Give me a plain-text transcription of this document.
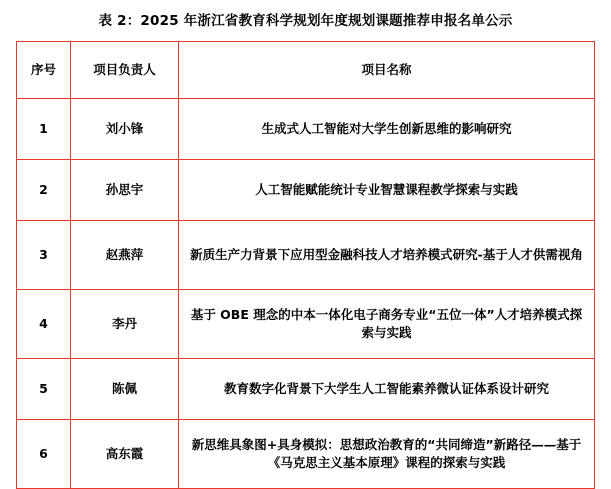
表 2：2025 年浙江省教育科学规划年度规划课题推荐申报名单公示
序号	项目负责人	项目名称
1	刘小锋	生成式人工智能对大学生创新思维的影响研究
2	孙思宇	人工智能赋能统计专业智慧课程教学探索与实践
3	赵燕萍	新质生产力背景下应用型金融科技人才培养模式研究-基于人才供需视角
4	李丹	基于 OBE 理念的中本一体化电子商务专业“五位一体”人才培养模式探索与实践
5	陈佩	教育数字化背景下大学生人工智能素养微认证体系设计研究
6	高东霞	新思维具象图+具身模拟：思想政治教育的“共同缔造”新路径——基于《马克思主义基本原理》课程的探索与实践
